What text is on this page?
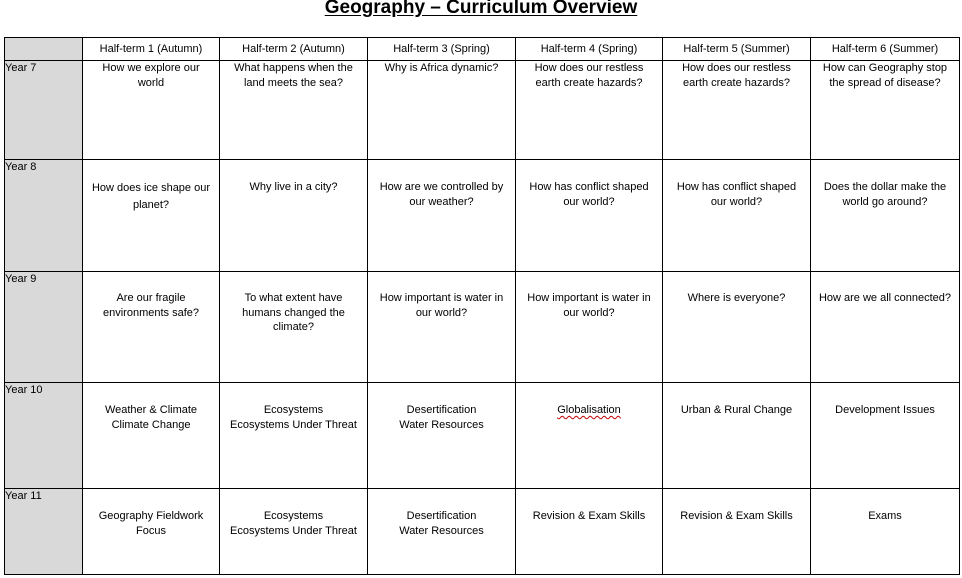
Geography – Curriculum Overview
	Half-term 1 (Autumn)	Half-term 2 (Autumn)	Half-term 3 (Spring)	Half-term 4 (Spring)	Half-term 5 (Summer)	Half-term 6 (Summer)
Year 7	How we explore our
world	What happens when the
land meets the sea?	Why is Africa dynamic?	How does our restless
earth create hazards?	How does our restless
earth create hazards?	How can Geography stop
the spread of disease?

Year 8	How does ice shape our
planet?	Why live in a city?	How are we controlled by
our weather?	How has conflict shaped
our world?	How has conflict shaped
our world?	Does the dollar make the
world go around?

Year 9	Are our fragile
environments safe?	To what extent have
humans changed the
climate?	How important is water in
our world?	How important is water in
our world?	Where is everyone?	How are we all connected?

Year 10	Weather & Climate
Climate Change	Ecosystems
Ecosystems Under Threat	Desertification
Water Resources	Globalisation	Urban & Rural Change	Development Issues

Year 11	Geography Fieldwork
Focus	Ecosystems
Ecosystems Under Threat	Desertification
Water Resources	Revision & Exam Skills	Revision & Exam Skills	Exams
